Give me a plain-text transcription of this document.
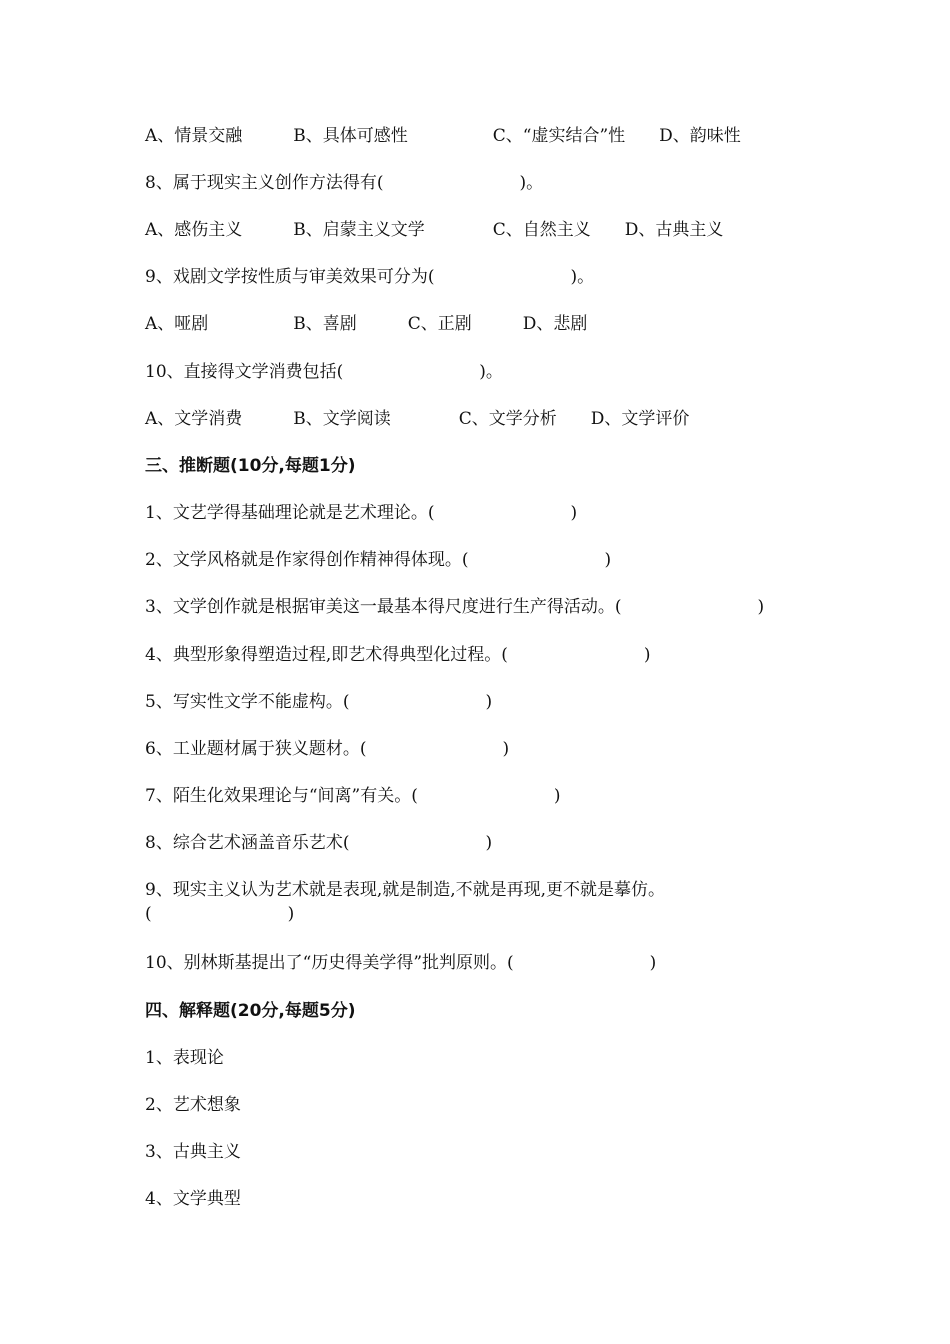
A、情景交融　　　B、具体可感性　　　　　C、“虚实结合”性　　D、韵味性
8、属于现实主义创作方法得有(　　　　　　　　)。
A、感伤主义　　　B、启蒙主义文学　　　　C、自然主义　　D、古典主义
9、戏剧文学按性质与审美效果可分为(　　　　　　　　)。
A、哑剧　　　　　B、喜剧　　　C、正剧　　　D、悲剧
10、直接得文学消费包括(　　　　　　　　)。
A、文学消费　　　B、文学阅读　　　　C、文学分析　　D、文学评价
三、推断题(10分,每题1分)
1、文艺学得基础理论就是艺术理论。(　　　　　　　　)
2、文学风格就是作家得创作精神得体现。(　　　　　　　　)
3、文学创作就是根据审美这一最基本得尺度进行生产得活动。(　　　　　　　　)
4、典型形象得塑造过程,即艺术得典型化过程。(　　　　　　　　)
5、写实性文学不能虚构。(　　　　　　　　)
6、工业题材属于狭义题材。(　　　　　　　　)
7、陌生化效果理论与“间离”有关。(　　　　　　　　)
8、综合艺术涵盖音乐艺术(　　　　　　　　)
9、现实主义认为艺术就是表现,就是制造,不就是再现,更不就是摹仿。(　　　　　　　　)
10、别林斯基提出了“历史得美学得”批判原则。(　　　　　　　　)
四、解释题(20分,每题5分)
1、表现论
2、艺术想象
3、古典主义
4、文学典型
